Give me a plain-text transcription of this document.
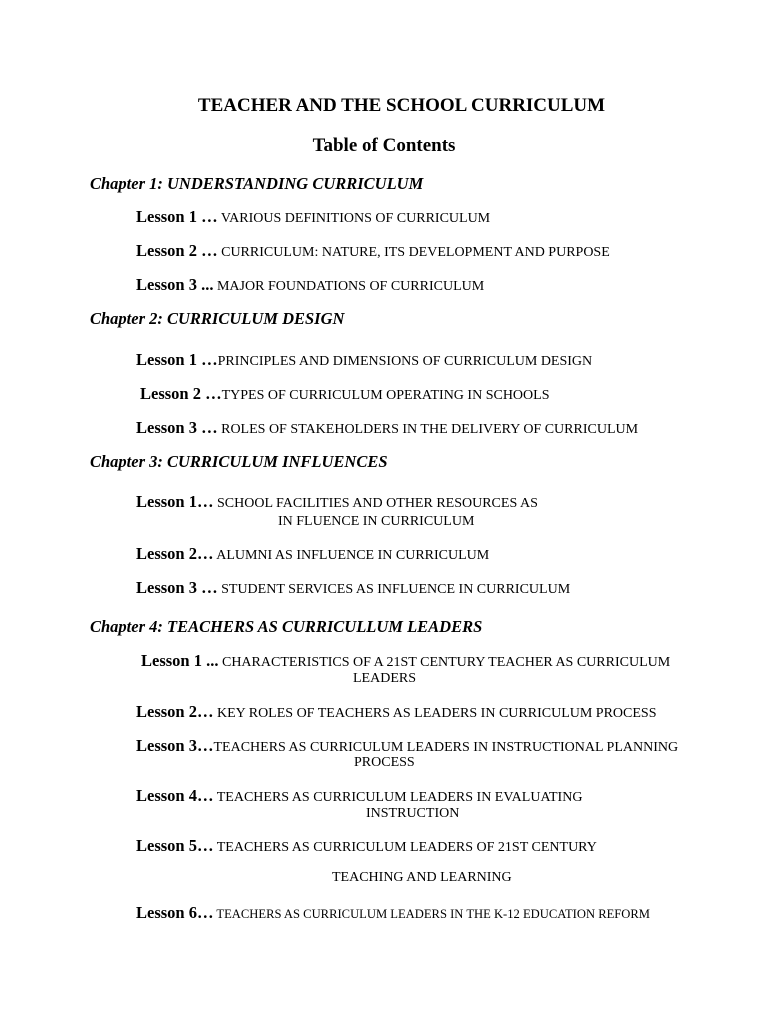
TEACHER AND THE SCHOOL CURRICULUM
Table of Contents
Chapter 1: UNDERSTANDING CURRICULUM
Lesson 1 … VARIOUS DEFINITIONS OF CURRICULUM
Lesson 2 … CURRICULUM: NATURE, ITS DEVELOPMENT AND PURPOSE
Lesson 3 ... MAJOR FOUNDATIONS OF CURRICULUM
Chapter 2: CURRICULUM DESIGN
Lesson 1 …PRINCIPLES AND DIMENSIONS OF CURRICULUM DESIGN
Lesson 2 …TYPES OF CURRICULUM OPERATING IN SCHOOLS
Lesson 3 … ROLES OF STAKEHOLDERS IN THE DELIVERY OF CURRICULUM
Chapter 3: CURRICULUM INFLUENCES
Lesson 1… SCHOOL FACILITIES AND OTHER RESOURCES AS
IN FLUENCE IN CURRICULUM
Lesson 2… ALUMNI AS INFLUENCE IN CURRICULUM
Lesson 3 … STUDENT SERVICES AS INFLUENCE IN CURRICULUM
Chapter 4: TEACHERS AS CURRICULLUM LEADERS
Lesson 1 ... CHARACTERISTICS OF A 21ST CENTURY TEACHER AS CURRICULUM
LEADERS
Lesson 2… KEY ROLES OF TEACHERS AS LEADERS IN CURRICULUM PROCESS
Lesson 3…TEACHERS AS CURRICULUM LEADERS IN INSTRUCTIONAL PLANNING
PROCESS
Lesson 4… TEACHERS AS CURRICULUM LEADERS IN EVALUATING
INSTRUCTION
Lesson 5… TEACHERS AS CURRICULUM LEADERS OF 21ST CENTURY
TEACHING AND LEARNING
Lesson 6… TEACHERS AS CURRICULUM LEADERS IN THE K-12 EDUCATION REFORM
